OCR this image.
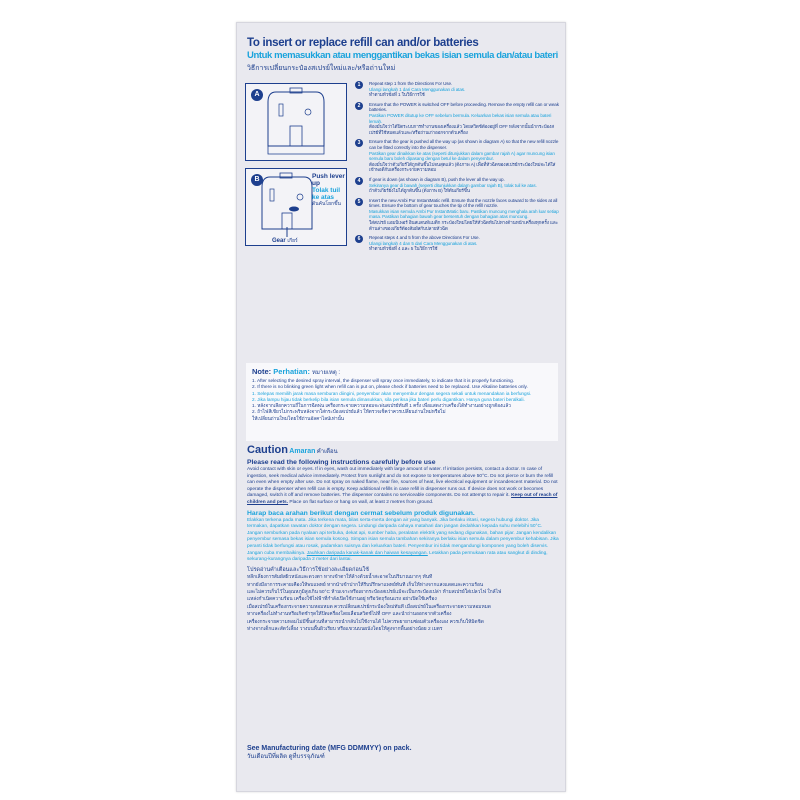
To insert or replace refill can and/or batteries
Untuk memasukkan atau menggantikan bekas isian semula dan/atau bateri
วิธีการเปลี่ยนกระป๋องสเปรย์ใหม่และ/หรือถ่านใหม่
A
B	Push lever up
Tolak tuil ke atas
ดันคันโยกขึ้น
Gear เกียร์
1	Repeat step 1 from the Directions For Use.
Ulangi langkah 1 dari Cara Menggunakan di atas.
ทำตามหัวข้อที่ 1 ในวิธีการใช้
2	Ensure that the POWER is switched OFF before proceeding. Remove the empty refill can or weak batteries.
Pastikan POWER ditutup ke OFF sebelum bermula. Keluarkan bekas isian semula atau bateri lemah.
ต้องมั่นใจว่าได้ปิดระบบการทำงานของเครื่องแล้ว โดยสวิตช์ต้องอยู่ที่ OFF หลังจากนั้นนำกระป๋องสเปรย์ที่ใช้หมดแล้วและ/หรือถ่านเก่าออกจากตัวเครื่อง
3	Ensure that the gear is pushed all the way up (as shown in diagram A) so that the new refill nozzle can be fitted correctly into the dispenser.
Pastikan gear dinaikkan ke atas (seperti ditunjukkan dalam gambar rajah A) agar muncung isian semula baru boleh dipasang dengan betul ke dalam penyembur.
ต้องมั่นใจว่าตัวเกียร์ได้ถูกดันขึ้นไปจนสุดแล้ว (ดังภาพ A) เพื่อที่หัวฉีดของสเปรย์กระป๋องใหม่จะได้ใส่เข้าพอดีกับเครื่องกระจายความหอม
4	If gear is down (as shown in diagram B), push the lever all the way up.
Sekiranya gear di bawah (seperti ditunjukkan dalam gambar rajah B), tolak tuil ke atas.
ถ้าตัวเกียร์ยังไม่ได้ถูกดันขึ้น (ดังภาพ B) ให้ดันเกียร์ขึ้น
5	Insert the new Ambi Pur InstantMatic refill. Ensure that the nozzle faces outward to the sides at all times. Ensure the bottom of gear touches the tip of the refill nozzle.
Masukkan isian semula Ambi Pur InstantMatic baru. Pastikan muncung menghala arah luar setiap masa. Pastikan bahagian bawah gear bersentuh dengan bahagian atas muncung.
ใส่สเปรย์ แอมบิเพอร์ อินสแตนท์แมติก กระป๋องใหม่โดยให้หัวฉีดหันไปทางด้านหน้าเครื่องทุกครั้ง และด้านล่างของเกียร์ต้องสัมผัสกับปลายหัวฉีด
6	Repeat steps 4 and 5 from the above Directions For Use.
Ulangi langkah 4 dan 5 dari Cara Menggunakan di atas.
ทำตามหัวข้อที่ 4 และ 5 ในวิธีการใช้
Note: Perhatian: หมายเหตุ :
1. After selecting the desired spray interval, the dispenser will spray once immediately, to indicate that it is properly functioning.
2. If there is no blinking green light when refill can is put on, please check if batteries need to be replaced. Use Alkaline batteries only.
1. Selepas memilih jarak masa semburan diingini, penyembur akan menyembur dengan segera sekali untuk menandakan ia berfungsi.
2. Jika lampu hijau tidak berkelip bila isian semula dimasukkan, sila periksa jika bateri perlu digantikan. Hanya guna bateri beralkali.
1. หลังจากเลือกความถี่ในการฉีดพ่น เครื่องกระจายความหอมจะพ่นสเปรย์ทันที 1 ครั้ง เพื่อแสดงว่าเครื่องได้ทำงานอย่างถูกต้องแล้ว
2. ถ้าไฟสีเขียวไม่กระพริบหลังจากใส่กระป๋องสเปรย์แล้ว ให้ตรวจเช็คว่าควรเปลี่ยนถ่านใหม่หรือไม่
ให้เปลี่ยนถ่านใหม่โดยใช้ถ่านอัลคาไลน์เท่านั้น
Caution Amaran คำเตือน
Please read the following instructions carefully before use
Avoid contact with skin or eyes. If in eyes, wash out immediately with large amount of water. If irritation persists, contact a doctor. In case of ingestion, seek medical advice immediately. Protect from sunlight and do not expose to temperatures above 50°C. Do not pierce or burn the refill can even when empty after use. Do not spray on naked flame, near fire, sources of heat, live electrical equipment or incandescent material. Do not operate the dispenser when refill can is empty. Keep additional refills in case refill in dispenser runs out. If device does not work or becomes damaged, switch it off and remove batteries. The dispenser contains no serviceable components. Do not attempt to repair it. Keep out of reach of children and pets. Place on flat surface or hang on wall, at least 2 metres from ground.
Harap baca arahan berikut dengan cermat sebelum produk digunakan.
Elakkan terkena pada mata. Jika terkena mata, bilas serta-merta dengan air yang banyak. Jika berlaku iritasi, segera hubungi doktor. Jika termakan, dapatkan rawatan doktor dengan segera. Lindungi daripada cahaya matahari dan jangan dedahkan kepada suhu melebihi 50°C. Jangan semburkan pada nyalaan api terbuka, dekat api, sumber haba, peralatan elektrik yang sedang digunakan, bahan pijar. Jangan kendalikan penyembur semasa bekas isian semula kosong. Simpan isian semula tambahan sekiranya berlaku isian semula dalam penyembur kehabisan. Jika peranti tidak berfungsi atau rosak, padamkan suisnya dan keluarkan bateri. Penyembur ini tidak mengandungi komponen yang boleh diservis. Jangan cuba membaikinya. Jauhkan daripada kanak-kanak dan haiwan kesayangan. Letakkan pada permukaan rata atau sangkut di dinding, sekurang-kurangnya daripada 2 meter dari lantai.
โปรดอ่านคำเตือนและวิธีการใช้อย่างละเอียดก่อนใช้
หลีกเลี่ยงการสัมผัสผิวหนังและดวงตา หากเข้าตาให้ล้างด้วยน้ำสะอาดในปริมาณมากๆ ทันที
หากยังมีอาการระคายเคืองให้พบแพทย์ หากนำเข้าปากให้รีบปรึกษาแพทย์ทันที เก็บให้ห่างจากแสงแดดและความร้อน
และไม่ควรเก็บไว้ในอุณหภูมิสูงเกิน 50°C ห้ามเจาะหรือเผากระป๋องสเปรย์แม้จะเป็นกระป๋องเปล่า ห้ามสเปรย์ใส่เปลวไฟ ใกล้ไฟ
แหล่งกำเนิดความร้อน เครื่องใช้ไฟฟ้าที่กำลังเปิดใช้งานอยู่ หรือวัตถุร้อนแรง อย่าเปิดใช้เครื่อง
เมื่อสเปรย์ในเครื่องกระจายความหอมหมด ควรเปลี่ยนสเปรย์กระป๋องใหม่ทันที เมื่อสเปรย์ในเครื่องกระจายความหอมหมด
หากเครื่องไม่ทำงานหรือเกิดชำรุดให้ปิดเครื่องโดยเลื่อนสวิตช์ไปที่ OFF และนำถ่านออกจากตัวเครื่อง
เครื่องกระจายความหอมไม่มีชิ้นส่วนที่สามารถนำกลับไปใช้งานได้ ไม่ควรพยายามซ่อมตัวเครื่องเอง ควรเก็บให้มิดชิด
ห่างจากเด็กและสัตว์เลี้ยง วางบนพื้นผิวเรียบ หรือแขวนบนผนังโดยให้สูงจากพื้นอย่างน้อย 2 เมตร
See Manufacturing date (MFG DDMMYY) on pack.
วันเดือนปีที่ผลิต ดูที่บรรจุภัณฑ์
